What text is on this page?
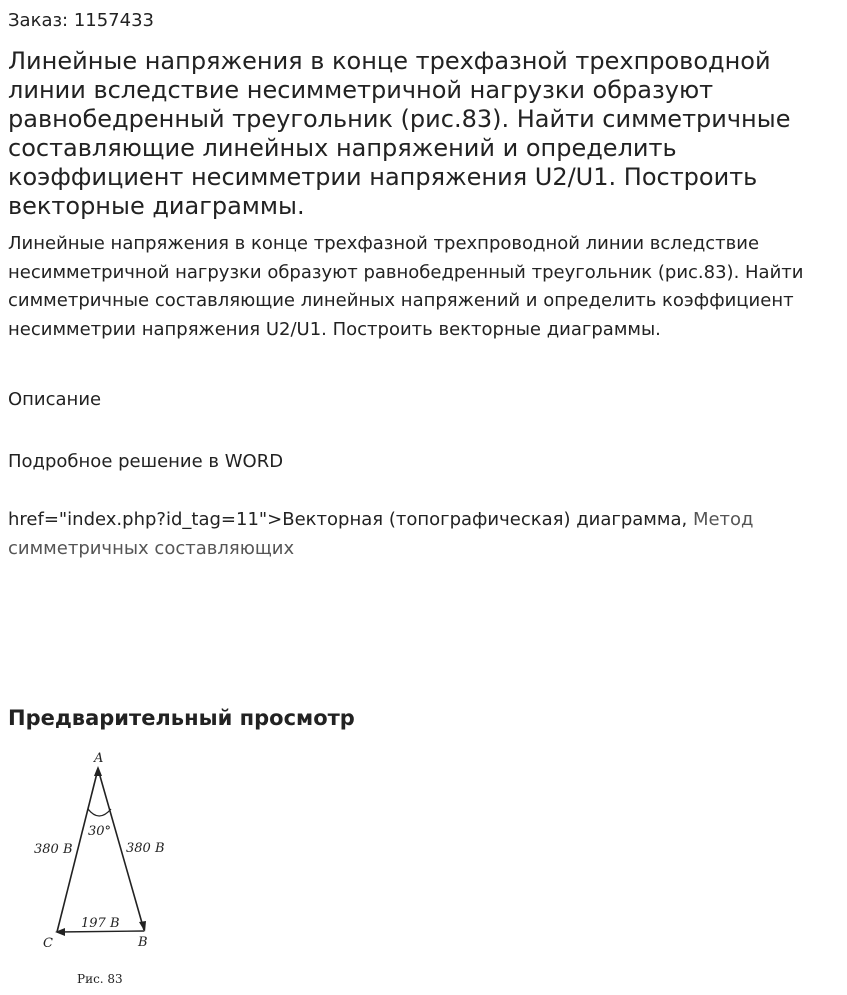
Заказ: 1157433
Линейные напряжения в конце трехфазной трехпроводной линии вследствие несимметричной нагрузки образуют равнобедренный треугольник (рис.83). Найти симметричные составляющие линейных напряжений и определить коэффициент несимметрии напряжения U2/U1. Построить векторные диаграммы.

Линейные напряжения в конце трехфазной трехпроводной линии вследствие несимметричной нагрузки образуют равнобедренный треугольник (рис.83). Найти симметричные составляющие линейных напряжений и определить коэффициент несимметрии напряжения U2/U1. Построить векторные диаграммы.

Описание
Подробное решение в WORD
href="index.php?id_tag=11">Векторная (топографическая) диаграмма, Метод симметричных составляющих
Предварительный просмотр
A
30°
380 В	380 В
197 В
C	B
Рис. 83
